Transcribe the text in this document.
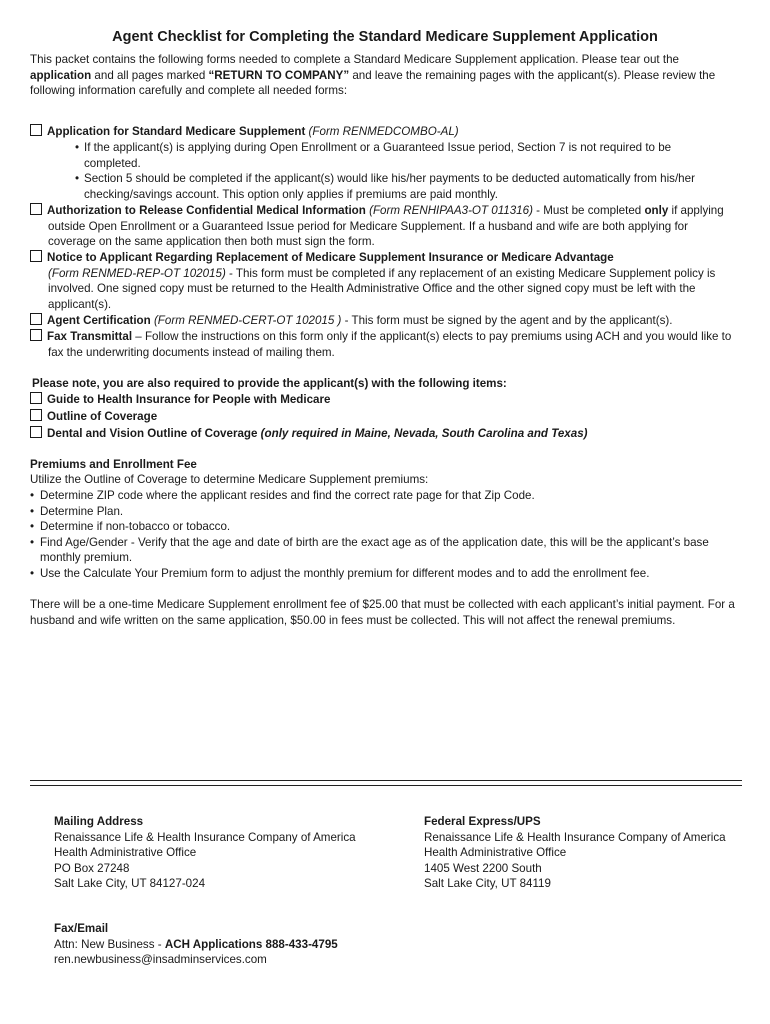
Agent Checklist for Completing the Standard Medicare Supplement Application
This packet contains the following forms needed to complete a Standard Medicare Supplement application. Please tear out the application and all pages marked “RETURN TO COMPANY” and leave the remaining pages with the applicant(s). Please review the following information carefully and complete all needed forms:
Application for Standard Medicare Supplement (Form RENMEDCOMBO-AL)
• If the applicant(s) is applying during Open Enrollment or a Guaranteed Issue period, Section 7 is not required to be completed.
• Section 5 should be completed if the applicant(s) would like his/her payments to be deducted automatically from his/her checking/savings account. This option only applies if premiums are paid monthly.
Authorization to Release Confidential Medical Information (Form RENHIPAA3-OT 011316) - Must be completed only if applying outside Open Enrollment or a Guaranteed Issue period for Medicare Supplement. If a husband and wife are both applying for coverage on the same application then both must sign the form.
Notice to Applicant Regarding Replacement of Medicare Supplement Insurance or Medicare Advantage
(Form RENMED-REP-OT 102015) - This form must be completed if any replacement of an existing Medicare Supplement policy is involved. One signed copy must be returned to the Health Administrative Office and the other signed copy must be left with the applicant(s).
Agent Certification (Form RENMED-CERT-OT 102015 ) - This form must be signed by the agent and by the applicant(s).
Fax Transmittal – Follow the instructions on this form only if the applicant(s) elects to pay premiums using ACH and you would like to fax the underwriting documents instead of mailing them.
Please note, you are also required to provide the applicant(s) with the following items:
Guide to Health Insurance for People with Medicare
Outline of Coverage
Dental and Vision Outline of Coverage (only required in Maine, Nevada, South Carolina and Texas)
Premiums and Enrollment Fee
Utilize the Outline of Coverage to determine Medicare Supplement premiums:
• Determine ZIP code where the applicant resides and find the correct rate page for that Zip Code.
• Determine Plan.
• Determine if non-tobacco or tobacco.
• Find Age/Gender - Verify that the age and date of birth are the exact age as of the application date, this will be the applicant’s base monthly premium.
• Use the Calculate Your Premium form to adjust the monthly premium for different modes and to add the enrollment fee.
There will be a one-time Medicare Supplement enrollment fee of $25.00 that must be collected with each applicant’s initial payment. For a husband and wife written on the same application, $50.00 in fees must be collected. This will not affect the renewal premiums.
Mailing Address
Renaissance Life & Health Insurance Company of America
Health Administrative Office
PO Box 27248
Salt Lake City, UT 84127-024
Federal Express/UPS
Renaissance Life & Health Insurance Company of America
Health Administrative Office
1405 West 2200 South
Salt Lake City, UT 84119
Fax/Email
Attn: New Business - ACH Applications 888-433-4795
ren.newbusiness@insadminservices.com
